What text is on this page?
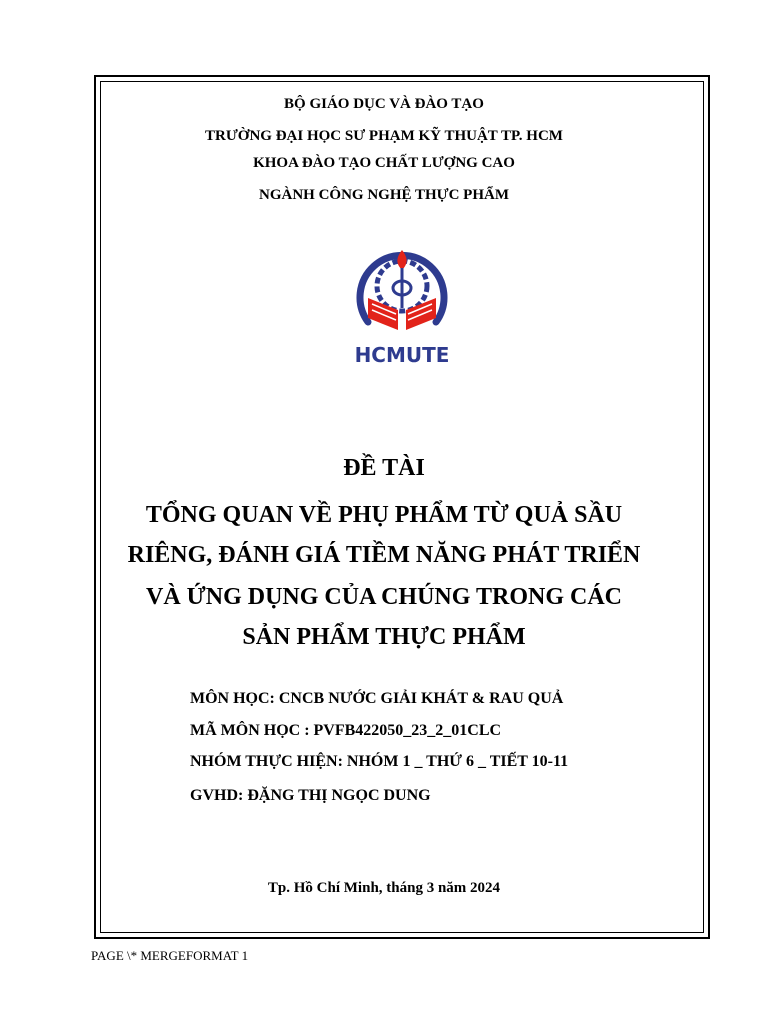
BỘ GIÁO DỤC VÀ ĐÀO TẠO
TRƯỜNG ĐẠI HỌC SƯ PHẠM KỸ THUẬT TP. HCM
KHOA ĐÀO TẠO CHẤT LƯỢNG CAO
NGÀNH CÔNG NGHỆ THỰC PHẨM
HCMUTE
ĐỀ TÀI
TỔNG QUAN VỀ PHỤ PHẨM TỪ QUẢ SẦU
RIÊNG, ĐÁNH GIÁ TIỀM NĂNG PHÁT TRIỂN
VÀ ỨNG DỤNG CỦA CHÚNG TRONG CÁC
SẢN PHẨM THỰC PHẨM
MÔN HỌC: CNCB NƯỚC GIẢI KHÁT & RAU QUẢ
MÃ MÔN HỌC : PVFB422050_23_2_01CLC
NHÓM THỰC HIỆN: NHÓM 1 _ THỨ 6 _ TIẾT 10-11
GVHD: ĐẶNG THỊ NGỌC DUNG
Tp. Hồ Chí Minh, tháng 3 năm 2024
PAGE \* MERGEFORMAT 1
